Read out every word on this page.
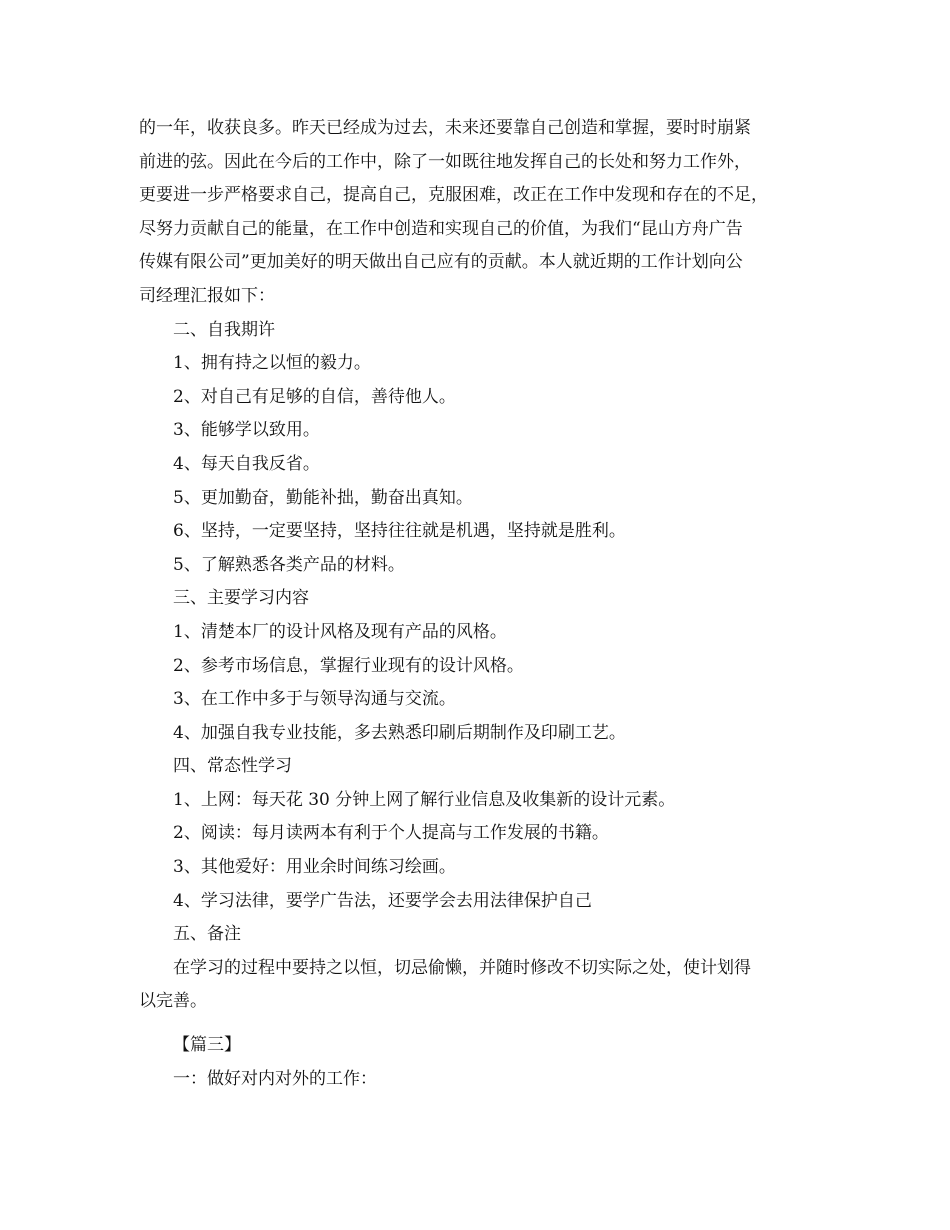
的一年，收获良多。昨天已经成为过去，未来还要靠自己创造和掌握，要时时崩紧

前进的弦。因此在今后的工作中，除了一如既往地发挥自己的长处和努力工作外，

更要进一步严格要求自己，提高自己，克服困难，改正在工作中发现和存在的不足，

尽努力贡献自己的能量，在工作中创造和实现自己的价值，为我们“昆山方舟广告

传媒有限公司”更加美好的明天做出自己应有的贡献。本人就近期的工作计划向公

司经理汇报如下：

二、自我期许

1、拥有持之以恒的毅力。

2、对自己有足够的自信，善待他人。

3、能够学以致用。

4、每天自我反省。

5、更加勤奋，勤能补拙，勤奋出真知。

6、坚持，一定要坚持，坚持往往就是机遇，坚持就是胜利。

5、了解熟悉各类产品的材料。

三、主要学习内容

1、清楚本厂的设计风格及现有产品的风格。

2、参考市场信息，掌握行业现有的设计风格。

3、在工作中多于与领导沟通与交流。

4、加强自我专业技能，多去熟悉印刷后期制作及印刷工艺。

四、常态性学习

1、上网：每天花 30 分钟上网了解行业信息及收集新的设计元素。

2、阅读：每月读两本有利于个人提高与工作发展的书籍。

3、其他爱好：用业余时间练习绘画。

4、学习法律，要学广告法，还要学会去用法律保护自己

五、备注

在学习的过程中要持之以恒，切忌偷懒，并随时修改不切实际之处，使计划得

以完善。

【篇三】

一：做好对内对外的工作：
